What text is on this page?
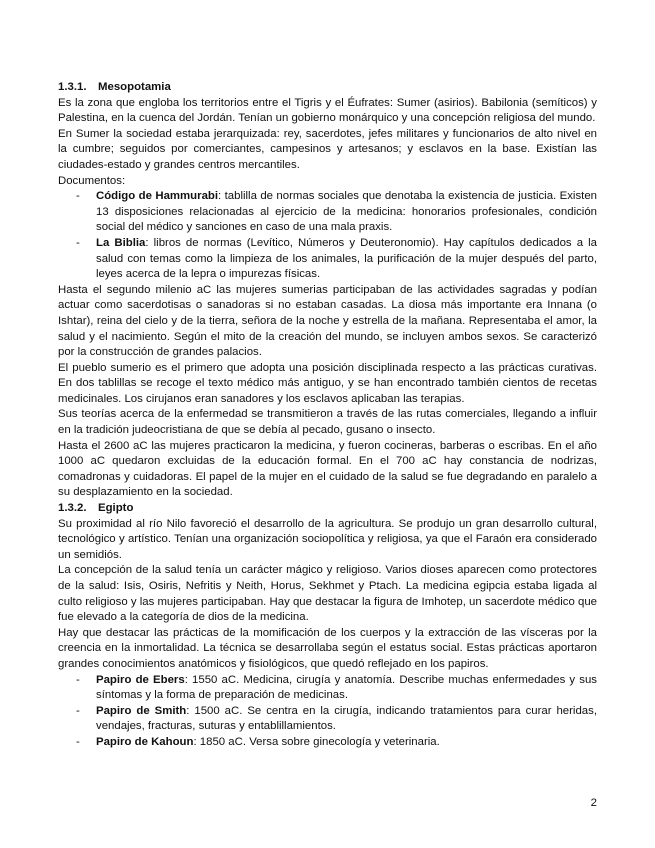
1.3.1.	Mesopotamia

Es la zona que engloba los territorios entre el Tigris y el Éufrates: Sumer (asirios). Babilonia (semíticos) y Palestina, en la cuenca del Jordán. Tenían un gobierno monárquico y una concepción religiosa del mundo.

En Sumer la sociedad estaba jerarquizada: rey, sacerdotes, jefes militares y funcionarios de alto nivel en la cumbre; seguidos por comerciantes, campesinos y artesanos; y esclavos en la base. Existían las ciudades-estado y grandes centros mercantiles.

Documentos:

- Código de Hammurabi: tablilla de normas sociales que denotaba la existencia de justicia. Existen 13 disposiciones relacionadas al ejercicio de la medicina: honorarios profesionales, condición social del médico y sanciones en caso de una mala praxis.
- La Biblia: libros de normas (Levítico, Números y Deuteronomio). Hay capítulos dedicados a la salud con temas como la limpieza de los animales, la purificación de la mujer después del parto, leyes acerca de la lepra o impurezas físicas.

Hasta el segundo milenio aC las mujeres sumerias participaban de las actividades sagradas y podían actuar como sacerdotisas o sanadoras si no estaban casadas. La diosa más importante era Innana (o Ishtar), reina del cielo y de la tierra, señora de la noche y estrella de la mañana. Representaba el amor, la salud y el nacimiento. Según el mito de la creación del mundo, se incluyen ambos sexos. Se caracterizó por la construcción de grandes palacios.

El pueblo sumerio es el primero que adopta una posición disciplinada respecto a las prácticas curativas. En dos tablillas se recoge el texto médico más antiguo, y se han encontrado también cientos de recetas medicinales. Los cirujanos eran sanadores y los esclavos aplicaban las terapias.

Sus teorías acerca de la enfermedad se transmitieron a través de las rutas comerciales, llegando a influir en la tradición judeocristiana de que se debía al pecado, gusano o insecto.

Hasta el 2600 aC las mujeres practicaron la medicina, y fueron cocineras, barberas o escribas. En el año 1000 aC quedaron excluidas de la educación formal. En el 700 aC hay constancia de nodrizas, comadronas y cuidadoras. El papel de la mujer en el cuidado de la salud se fue degradando en paralelo a su desplazamiento en la sociedad.

1.3.2.	Egipto

Su proximidad al río Nilo favoreció el desarrollo de la agricultura. Se produjo un gran desarrollo cultural, tecnológico y artístico. Tenían una organización sociopolítica y religiosa, ya que el Faraón era considerado un semidiós.

La concepción de la salud tenía un carácter mágico y religioso. Varios dioses aparecen como protectores de la salud: Isis, Osiris, Nefritis y Neith, Horus, Sekhmet y Ptach. La medicina egipcia estaba ligada al culto religioso y las mujeres participaban. Hay que destacar la figura de Imhotep, un sacerdote médico que fue elevado a la categoría de dios de la medicina.

Hay que destacar las prácticas de la momificación de los cuerpos y la extracción de las vísceras por la creencia en la inmortalidad. La técnica se desarrollaba según el estatus social. Estas prácticas aportaron grandes conocimientos anatómicos y fisiológicos, que quedó reflejado en los papiros.

- Papiro de Ebers: 1550 aC. Medicina, cirugía y anatomía. Describe muchas enfermedades y sus síntomas y la forma de preparación de medicinas.
- Papiro de Smith: 1500 aC. Se centra en la cirugía, indicando tratamientos para curar heridas, vendajes, fracturas, suturas y entablillamientos.
- Papiro de Kahoun: 1850 aC. Versa sobre ginecología y veterinaria.
2
